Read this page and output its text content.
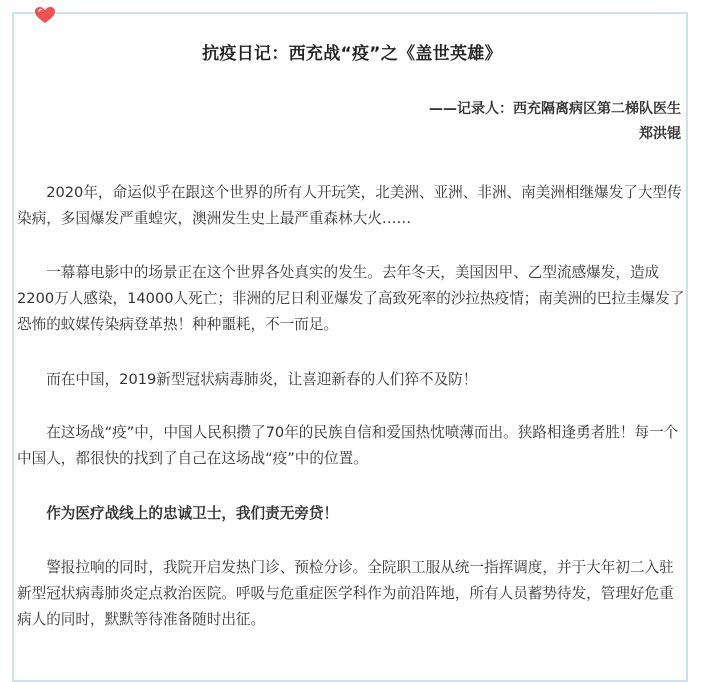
抗疫日记：西充战“疫”之《盖世英雄》
——记录人：西充隔离病区第二梯队医生
郑洪锟

　　2020年，命运似乎在跟这个世界的所有人开玩笑，北美洲、亚洲、非洲、南美洲相继爆发了大型传染病，多国爆发严重蝗灾，澳洲发生史上最严重森林大火……

　　一幕幕电影中的场景正在这个世界各处真实的发生。去年冬天，美国因甲、乙型流感爆发，造成2200万人感染，14000人死亡；非洲的尼日利亚爆发了高致死率的沙拉热疫情；南美洲的巴拉圭爆发了恐怖的蚊媒传染病登革热！种种噩耗，不一而足。

　　而在中国，2019新型冠状病毒肺炎，让喜迎新春的人们猝不及防！

　　在这场战“疫”中，中国人民积攒了70年的民族自信和爱国热忱喷薄而出。狭路相逢勇者胜！每一个中国人，都很快的找到了自己在这场战“疫”中的位置。

　　作为医疗战线上的忠诚卫士，我们责无旁贷！

　　警报拉响的同时，我院开启发热门诊、预检分诊。全院职工服从统一指挥调度，并于大年初二入驻新型冠状病毒肺炎定点救治医院。呼吸与危重症医学科作为前沿阵地，所有人员蓄势待发，管理好危重病人的同时，默默等待准备随时出征。
